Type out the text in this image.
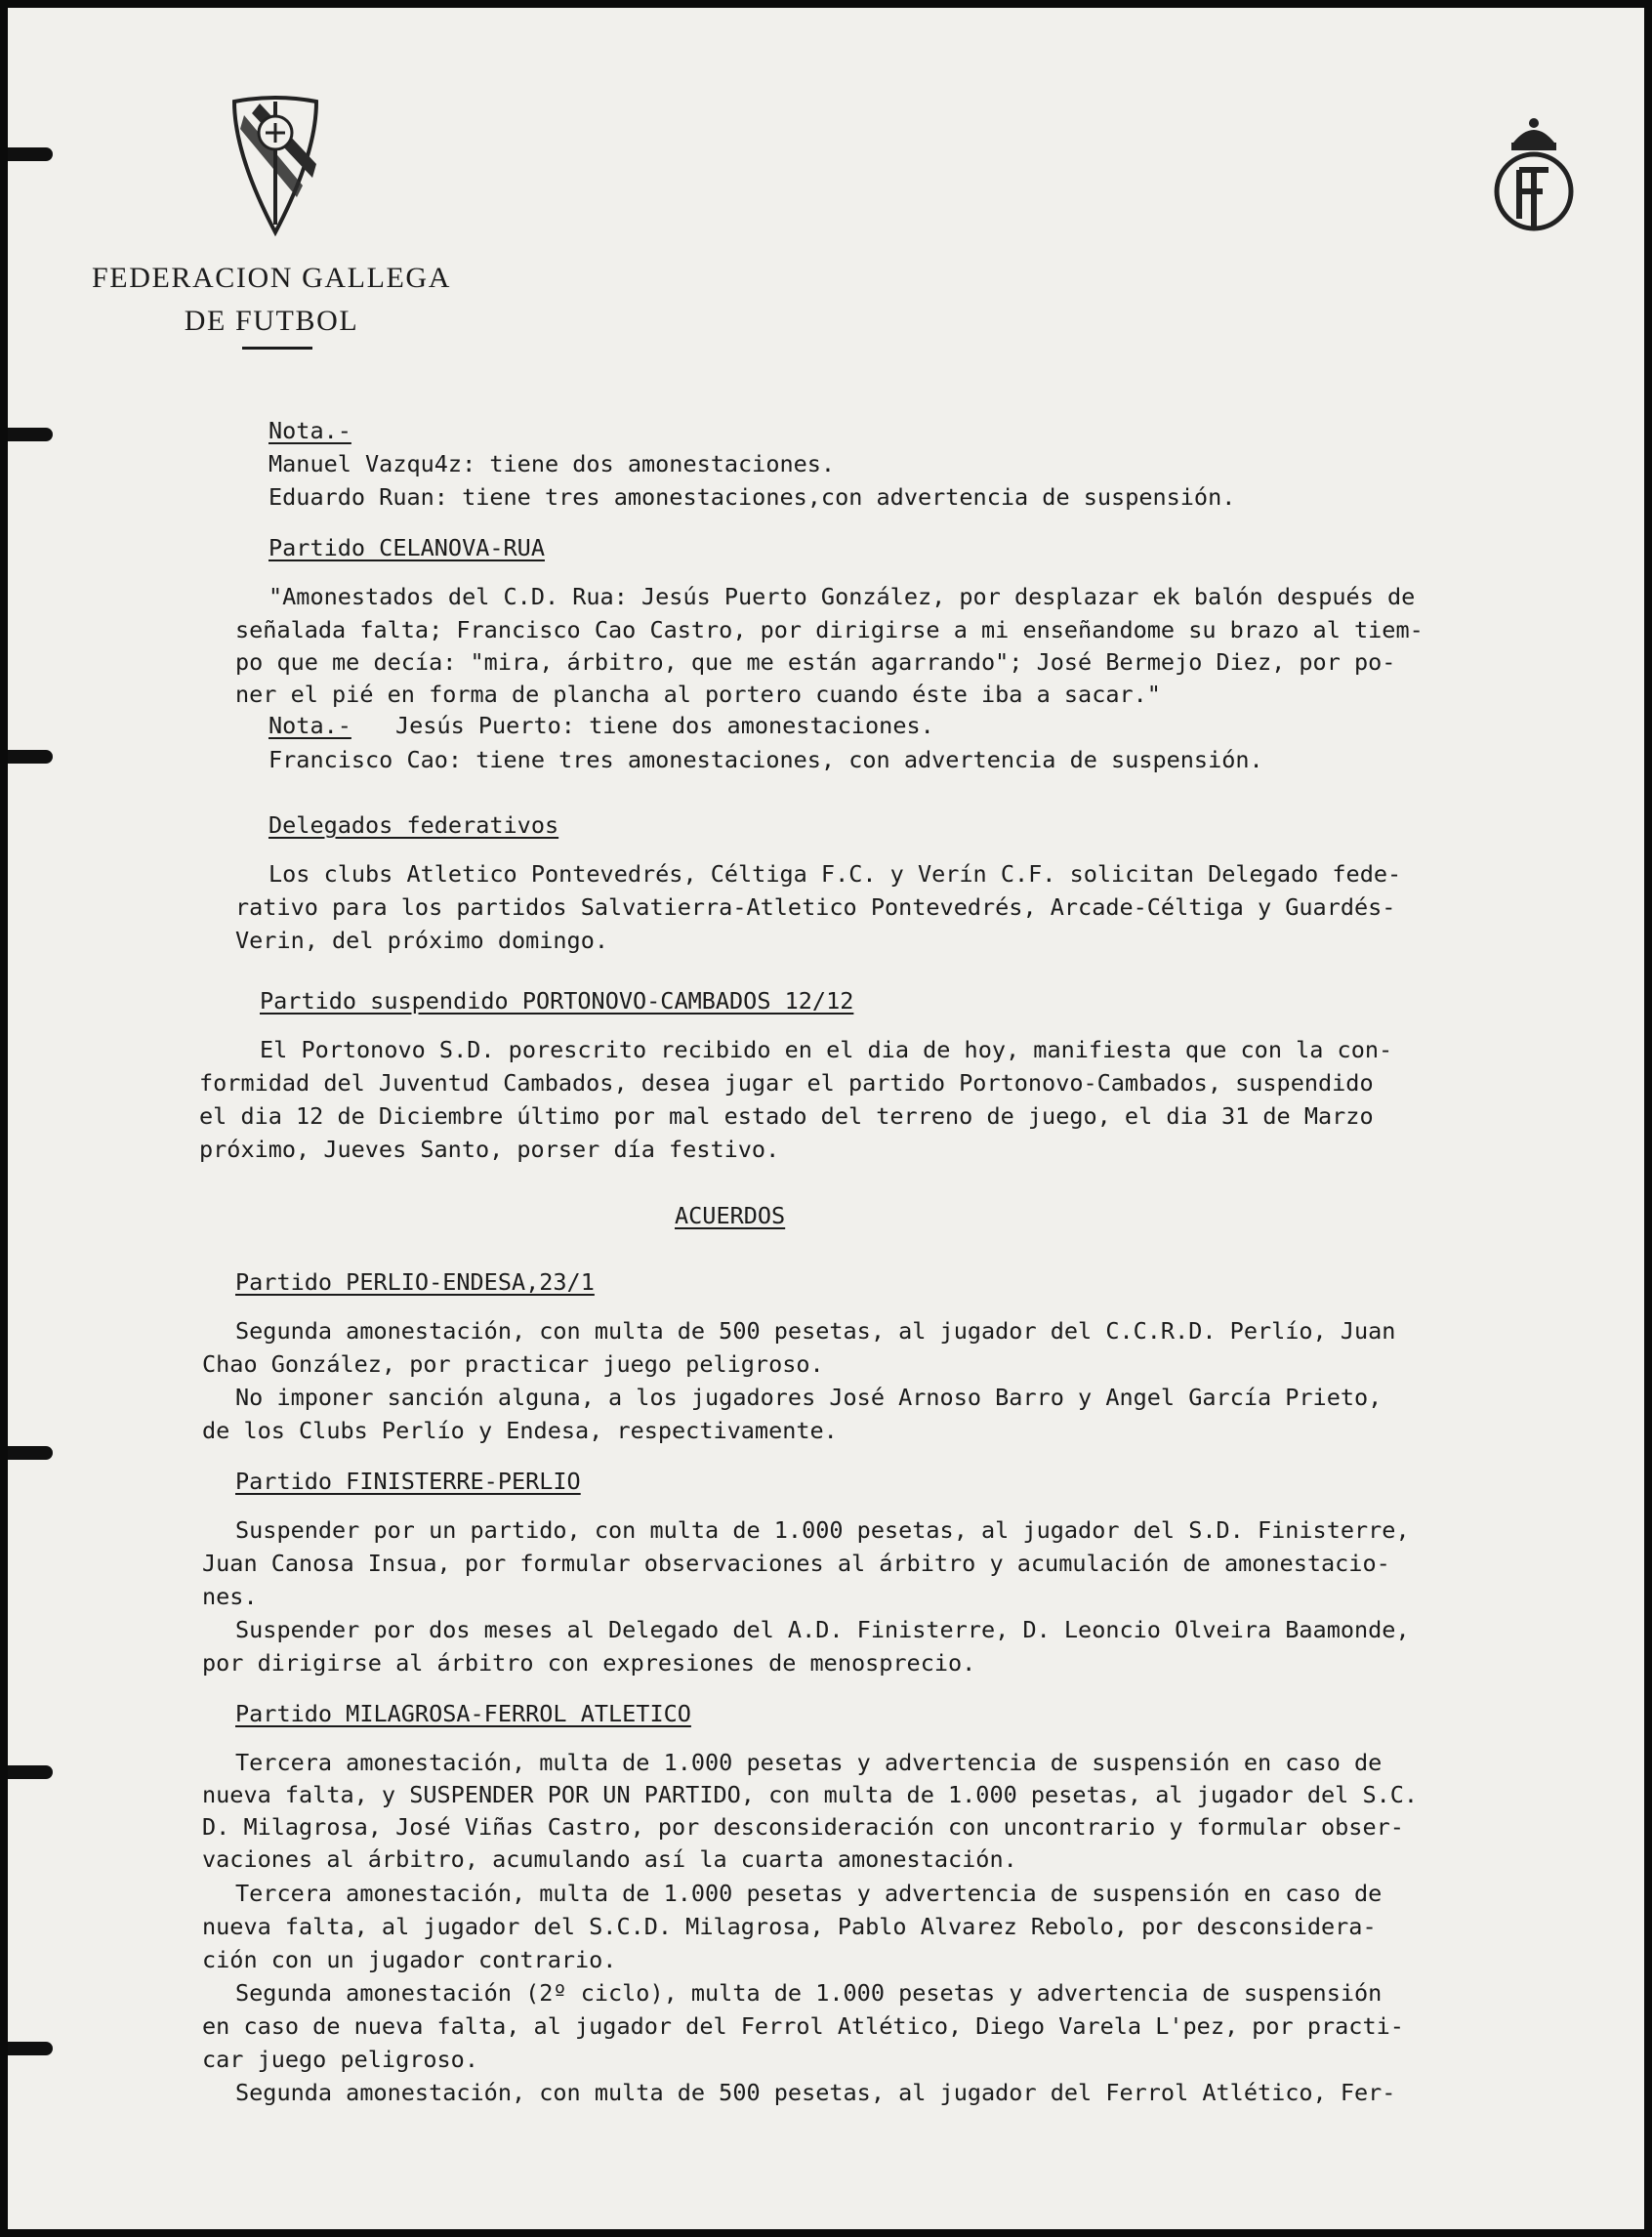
FEDERACION GALLEGA
DE FUTBOL
Nota.-
Manuel Vazqu4z: tiene dos amonestaciones.
Eduardo Ruan: tiene tres amonestaciones,con advertencia de suspensión.
Partido CELANOVA-RUA
"Amonestados del C.D. Rua: Jesús Puerto González, por desplazar ek balón después de
señalada falta; Francisco Cao Castro, por dirigirse a mi enseñandome su brazo al tiem-
po que me decía: "mira, árbitro, que me están agarrando"; José Bermejo Diez, por po-
ner el pié en forma de plancha al portero cuando éste iba a sacar."
Nota.- Jesús Puerto: tiene dos amonestaciones.
Francisco Cao: tiene tres amonestaciones, con advertencia de suspensión.
Delegados federativos
Los clubs Atletico Pontevedrés, Céltiga F.C. y Verín C.F. solicitan Delegado fede-
rativo para los partidos Salvatierra-Atletico Pontevedrés, Arcade-Céltiga y Guardés-
Verin, del próximo domingo.
Partido suspendido PORTONOVO-CAMBADOS 12/12
El Portonovo S.D. porescrito recibido en el dia de hoy, manifiesta que con la con-
formidad del Juventud Cambados, desea jugar el partido Portonovo-Cambados, suspendido
el dia 12 de Diciembre último por mal estado del terreno de juego, el dia 31 de Marzo
próximo, Jueves Santo, porser día festivo.
ACUERDOS
Partido PERLIO-ENDESA,23/1
Segunda amonestación, con multa de 500 pesetas, al jugador del C.C.R.D. Perlío, Juan
Chao González, por practicar juego peligroso.
No imponer sanción alguna, a los jugadores José Arnoso Barro y Angel García Prieto,
de los Clubs Perlío y Endesa, respectivamente.
Partido FINISTERRE-PERLIO
Suspender por un partido, con multa de 1.000 pesetas, al jugador del S.D. Finisterre,
Juan Canosa Insua, por formular observaciones al árbitro y acumulación de amonestacio-
nes.
Suspender por dos meses al Delegado del A.D. Finisterre, D. Leoncio Olveira Baamonde,
por dirigirse al árbitro con expresiones de menosprecio.
Partido MILAGROSA-FERROL ATLETICO
Tercera amonestación, multa de 1.000 pesetas y advertencia de suspensión en caso de
nueva falta, y SUSPENDER POR UN PARTIDO, con multa de 1.000 pesetas, al jugador del S.C.
D. Milagrosa, José Viñas Castro, por desconsideración con uncontrario y formular obser-
vaciones al árbitro, acumulando así la cuarta amonestación.
Tercera amonestación, multa de 1.000 pesetas y advertencia de suspensión en caso de
nueva falta, al jugador del S.C.D. Milagrosa, Pablo Alvarez Rebolo, por desconsidera-
ción con un jugador contrario.
Segunda amonestación (2º ciclo), multa de 1.000 pesetas y advertencia de suspensión
en caso de nueva falta, al jugador del Ferrol Atlético, Diego Varela L'pez, por practi-
car juego peligroso.
Segunda amonestación, con multa de 500 pesetas, al jugador del Ferrol Atlético, Fer-
